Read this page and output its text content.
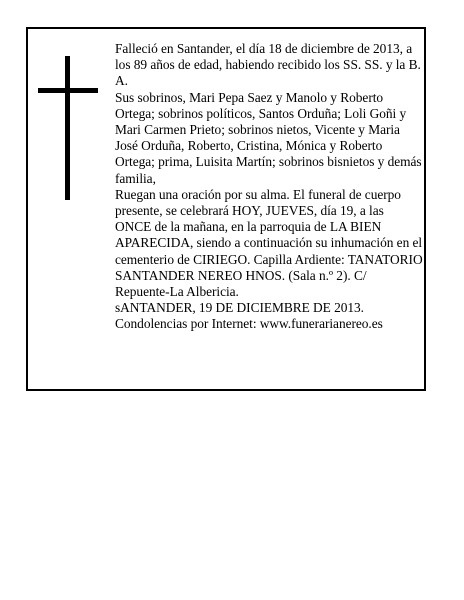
Falleció en Santander, el día 18 de diciembre de 2013, a los 89 años de edad, habiendo recibido los SS. SS. y la B. A.

Sus sobrinos, Mari Pepa Saez y Manolo y Roberto Ortega; sobrinos políticos, Santos Orduña; Loli Goñi y Mari Carmen Prieto; sobrinos nietos, Vicente y Maria José Orduña, Roberto, Cristina, Mónica y Roberto Ortega; prima, Luisita Martín; sobrinos bisnietos y demás familia,

Ruegan una oración por su alma. El funeral de cuerpo presente, se celebrará HOY, JUEVES, día 19, a las ONCE de la mañana, en la parroquia de LA BIEN APARECIDA, siendo a continuación su inhumación en el cementerio de CIRIEGO. Capilla Ardiente: TANATORIO SANTANDER NEREO HNOS. (Sala n.º 2). C/ Repuente-La Albericia.

sANTANDER, 19 DE DICIEMBRE DE 2013.

Condolencias por Internet: www.funerarianereo.es
